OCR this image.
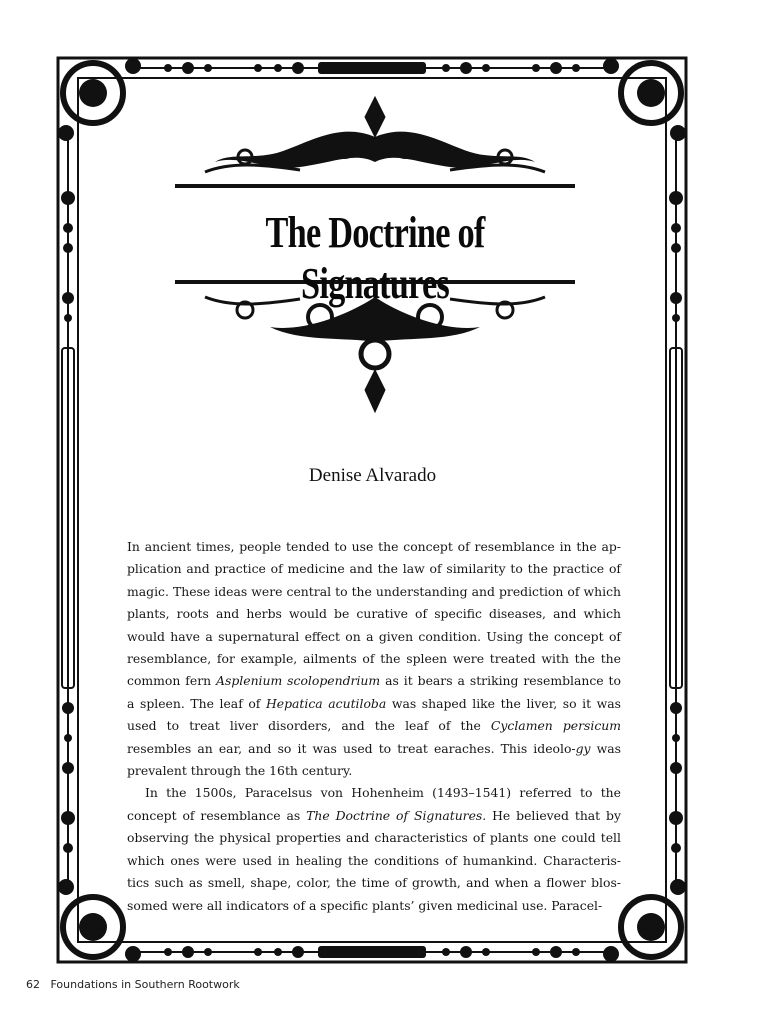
The Doctrine of Signatures
Denise Alvarado

In ancient times, people tended to use the concept of resemblance in the ap-plication and practice of medicine and the law of similarity to the practice of magic. These ideas were central to the understanding and prediction of which plants, roots and herbs would be curative of specific diseases, and which would have a supernatural effect on a given condition. Using the concept of resemblance, for example, ailments of the spleen were treated with the the common fern Asplenium scolopendrium as it bears a striking resemblance to a spleen. The leaf of Hepatica acutiloba was shaped like the liver, so it was used to treat liver disorders, and the leaf of the Cyclamen persicum resembles an ear, and so it was used to treat earaches. This ideolo-gy was prevalent through the 16th century.

In the 1500s, Paracelsus von Hohenheim (1493–1541) referred to the concept of resemblance as The Doctrine of Signatures. He believed that by observing the physical properties and characteristics of plants one could tell which ones were used in healing the conditions of humankind. Characteris-tics such as smell, shape, color, the time of growth, and when a flower blos-somed were all indicators of a specific plants’ given medicinal use. Paracel-

62 Foundations in Southern Rootwork
